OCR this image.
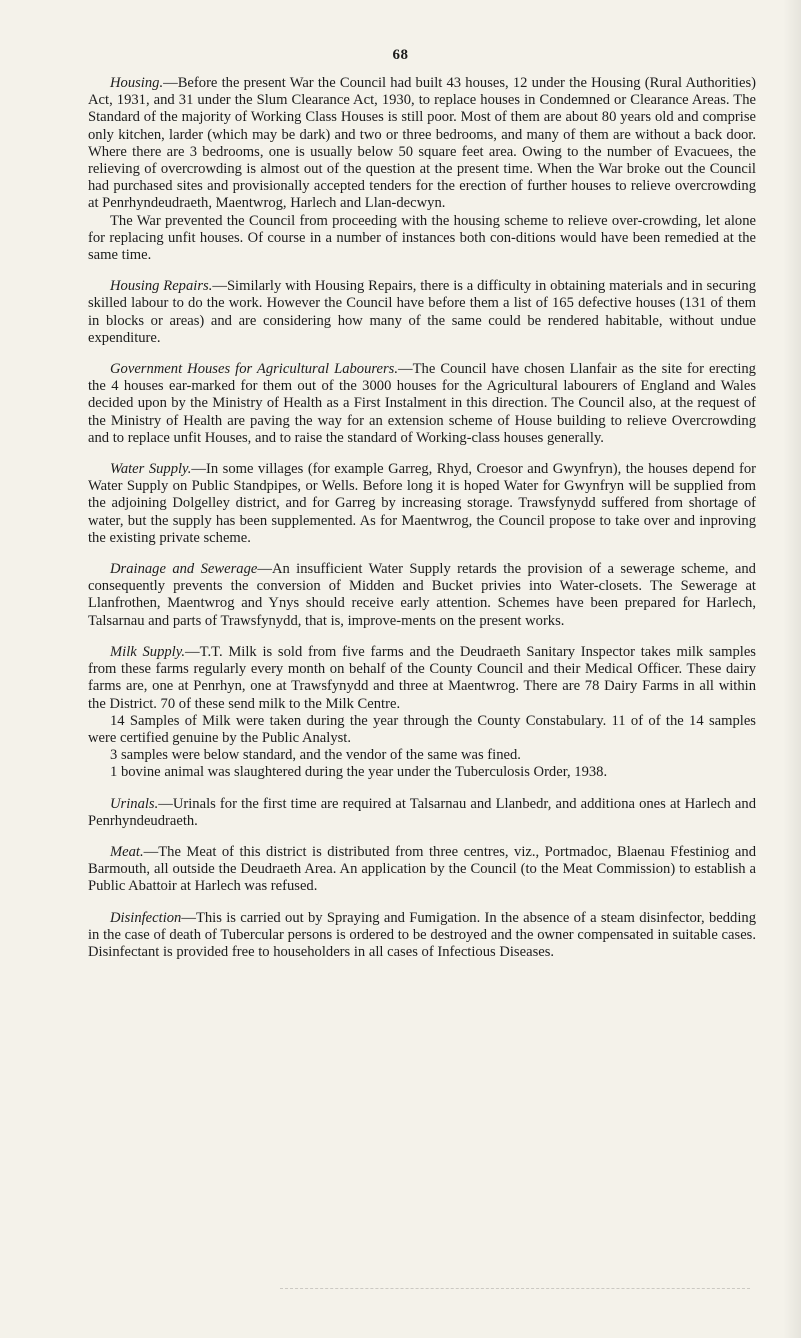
68

Housing.—Before the present War the Council had built 43 houses, 12 under the Housing (Rural Authorities) Act, 1931, and 31 under the Slum Clearance Act, 1930, to replace houses in Condemned or Clearance Areas. The Standard of the majority of Working Class Houses is still poor. Most of them are about 80 years old and comprise only kitchen, larder (which may be dark) and two or three bedrooms, and many of them are without a back door. Where there are 3 bedrooms, one is usually below 50 square feet area. Owing to the number of Evacuees, the relieving of overcrowding is almost out of the question at the present time. When the War broke out the Council had purchased sites and provisionally accepted tenders for the erection of further houses to relieve overcrowding at Penrhyndeudraeth, Maentwrog, Harlech and Llan-decwyn.

The War prevented the Council from proceeding with the housing scheme to relieve over-crowding, let alone for replacing unfit houses. Of course in a number of instances both con-ditions would have been remedied at the same time.

Housing Repairs.—Similarly with Housing Repairs, there is a difficulty in obtaining materials and in securing skilled labour to do the work. However the Council have before them a list of 165 defective houses (131 of them in blocks or areas) and are considering how many of the same could be rendered habitable, without undue expenditure.

Government Houses for Agricultural Labourers.—The Council have chosen Llanfair as the site for erecting the 4 houses ear-marked for them out of the 3000 houses for the Agricultural labourers of England and Wales decided upon by the Ministry of Health as a First Instalment in this direction. The Council also, at the request of the Ministry of Health are paving the way for an extension scheme of House building to relieve Overcrowding and to replace unfit Houses, and to raise the standard of Working-class houses generally.

Water Supply.—In some villages (for example Garreg, Rhyd, Croesor and Gwynfryn), the houses depend for Water Supply on Public Standpipes, or Wells. Before long it is hoped Water for Gwynfryn will be supplied from the adjoining Dolgelley district, and for Garreg by increasing storage. Trawsfynydd suffered from shortage of water, but the supply has been supplemented. As for Maentwrog, the Council propose to take over and inproving the existing private scheme.

Drainage and Sewerage—An insufficient Water Supply retards the provision of a sewerage scheme, and consequently prevents the conversion of Midden and Bucket privies into Water-closets. The Sewerage at Llanfrothen, Maentwrog and Ynys should receive early attention. Schemes have been prepared for Harlech, Talsarnau and parts of Trawsfynydd, that is, improve-ments on the present works.

Milk Supply.—T.T. Milk is sold from five farms and the Deudraeth Sanitary Inspector takes milk samples from these farms regularly every month on behalf of the County Council and their Medical Officer. These dairy farms are, one at Penrhyn, one at Trawsfynydd and three at Maentwrog. There are 78 Dairy Farms in all within the District. 70 of these send milk to the Milk Centre.

14 Samples of Milk were taken during the year through the County Constabulary. 11 of of the 14 samples were certified genuine by the Public Analyst.

3 samples were below standard, and the vendor of the same was fined.

1 bovine animal was slaughtered during the year under the Tuberculosis Order, 1938.

Urinals.—Urinals for the first time are required at Talsarnau and Llanbedr, and additiona ones at Harlech and Penrhyndeudraeth.

Meat.—The Meat of this district is distributed from three centres, viz., Portmadoc, Blaenau Ffestiniog and Barmouth, all outside the Deudraeth Area. An application by the Council (to the Meat Commission) to establish a Public Abattoir at Harlech was refused.

Disinfection—This is carried out by Spraying and Fumigation. In the absence of a steam disinfector, bedding in the case of death of Tubercular persons is ordered to be destroyed and the owner compensated in suitable cases. Disinfectant is provided free to householders in all cases of Infectious Diseases.
